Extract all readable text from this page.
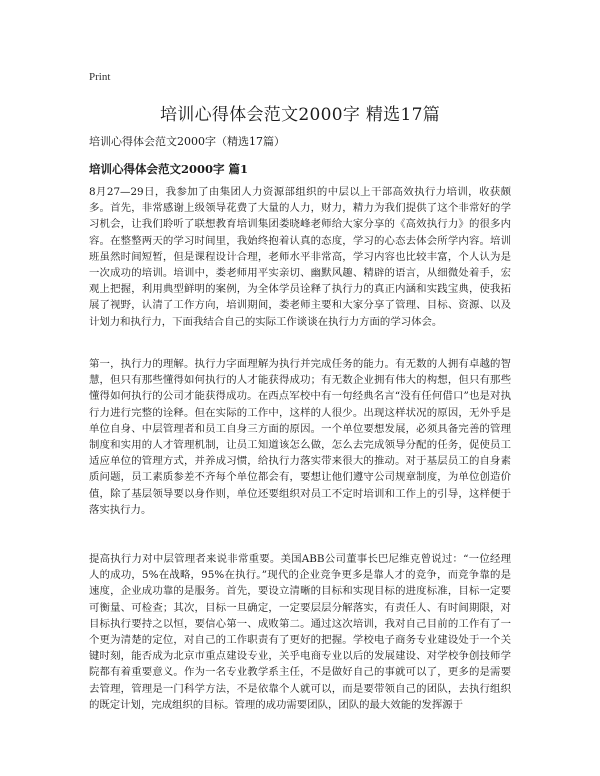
Print
培训心得体会范文2000字 精选17篇

培训心得体会范文2000字（精选17篇）

培训心得体会范文2000字 篇1

8月27—29日，我参加了由集团人力资源部组织的中层以上干部高效执行力培训，收获颇多。首先，非常感谢上级领导花费了大量的人力，财力，精力为我们提供了这个非常好的学习机会，让我们聆听了联想教育培训集团娄晓峰老师给大家分享的《高效执行力》的很多内容。在整整两天的学习时间里，我始终抱着认真的态度，学习的心态去体会所学内容。培训班虽然时间短暂，但是课程设计合理，老师水平非常高，学习内容也比较丰富，个人认为是一次成功的培训。培训中，娄老师用平实亲切、幽默风趣、精辟的语言，从细微处着手，宏观上把握，利用典型鲜明的案例，为全体学员诠释了执行力的真正内涵和实践宝典，使我拓展了视野，认清了工作方向，培训期间，娄老师主要和大家分享了管理、目标、资源、以及计划力和执行力，下面我结合自己的实际工作谈谈在执行力方面的学习体会。

第一，执行力的理解。执行力字面理解为执行并完成任务的能力。有无数的人拥有卓越的智慧，但只有那些懂得如何执行的人才能获得成功；有无数企业拥有伟大的构想，但只有那些懂得如何执行的公司才能获得成功。在西点军校中有一句经典名言“没有任何借口”也是对执行力进行完整的诠释。但在实际的工作中，这样的人很少。出现这样状况的原因，无外乎是单位自身、中层管理者和员工自身三方面的原因。一个单位要想发展，必须具备完善的管理制度和实用的人才管理机制，让员工知道该怎么做，怎么去完成领导分配的任务，促使员工适应单位的管理方式，并养成习惯，给执行力落实带来很大的推动。对于基层员工的自身素质问题，员工素质参差不齐每个单位都会有，要想让他们遵守公司规章制度，为单位创造价值，除了基层领导要以身作则，单位还要组织对员工不定时培训和工作上的引导，这样便于落实执行力。

提高执行力对中层管理者来说非常重要。美国ABB公司董事长巴尼维克曾说过：“一位经理人的成功，5%在战略，95%在执行。”现代的企业竞争更多是靠人才的竞争，而竞争靠的是速度，企业成功靠的是服务。首先，要设立清晰的目标和实现目标的进度标准，目标一定要可衡量、可检查；其次，目标一旦确定，一定要层层分解落实，有责任人、有时间期限，对目标执行要持之以恒，要信心第一、成败第二。通过这次培训，我对自己目前的工作有了一个更为清楚的定位，对自己的工作职责有了更好的把握。学校电子商务专业建设处于一个关键时刻，能否成为北京市重点建设专业，关乎电商专业以后的发展建设、对学校争创技师学院都有着重要意义。作为一名专业教学系主任，不是做好自己的事就可以了，更多的是需要去管理，管理是一门科学方法，不是依靠个人就可以，而是要带领自己的团队，去执行组织的既定计划，完成组织的目标。管理的成功需要团队，团队的最大效能的发挥源于
